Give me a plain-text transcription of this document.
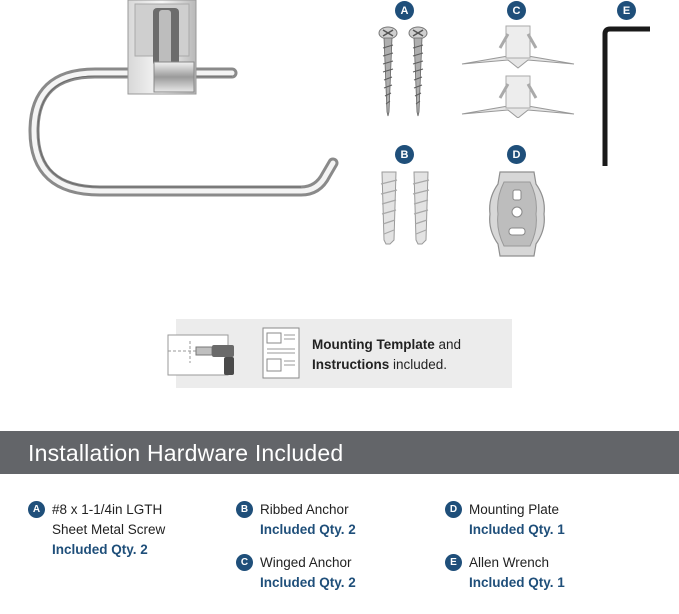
A	C	E
B	D
Mounting Template and
Instructions included.
Installation Hardware Included
A #8 x 1-1/4in LGTH
Sheet Metal Screw
Included Qty. 2
B Ribbed Anchor
Included Qty. 2
C Winged Anchor
Included Qty. 2
D Mounting Plate
Included Qty. 1
E Allen Wrench
Included Qty. 1
